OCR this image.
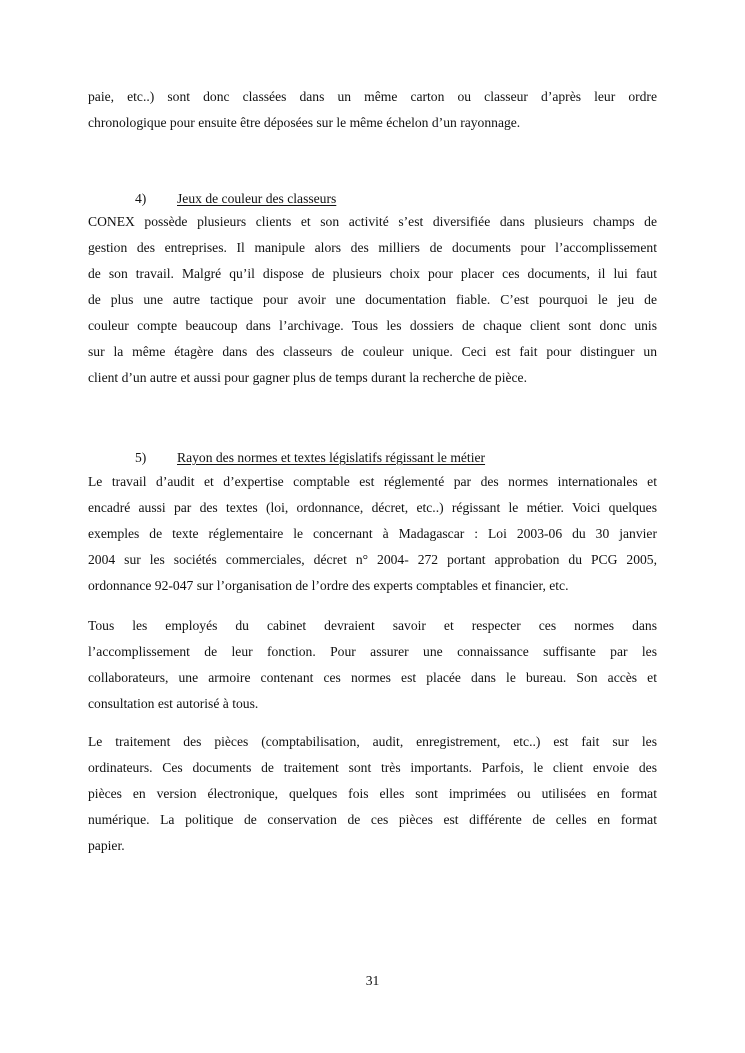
paie, etc..) sont donc classées dans un même carton ou classeur d’après leur ordre
chronologique pour ensuite être déposées sur le même échelon d’un rayonnage.
4) Jeux de couleur des classeurs
CONEX possède plusieurs clients et son activité s’est diversifiée dans plusieurs champs de
gestion des entreprises. Il manipule alors des milliers de documents pour l’accomplissement
de son travail. Malgré qu’il dispose de plusieurs choix pour placer ces documents, il lui faut
de plus une autre tactique pour avoir une documentation fiable. C’est pourquoi le jeu de
couleur compte beaucoup dans l’archivage. Tous les dossiers de chaque client sont donc unis
sur la même étagère dans des classeurs de couleur unique. Ceci est fait pour distinguer un
client d’un autre et aussi pour gagner plus de temps durant la recherche de pièce.
5) Rayon des normes et textes législatifs régissant le métier
Le travail d’audit et d’expertise comptable est réglementé par des normes internationales et
encadré aussi par des textes (loi, ordonnance, décret, etc..) régissant le métier. Voici quelques
exemples de texte réglementaire le concernant à Madagascar : Loi 2003-06 du 30 janvier
2004 sur les sociétés commerciales, décret n° 2004- 272 portant approbation du PCG 2005,
ordonnance 92-047 sur l’organisation de l’ordre des experts comptables et financier, etc.
Tous les employés du cabinet devraient savoir et respecter ces normes dans
l’accomplissement de leur fonction. Pour assurer une connaissance suffisante par les
collaborateurs, une armoire contenant ces normes est placée dans le bureau. Son accès et
consultation est autorisé à tous.
Le traitement des pièces (comptabilisation, audit, enregistrement, etc..) est fait sur les
ordinateurs. Ces documents de traitement sont très importants. Parfois, le client envoie des
pièces en version électronique, quelques fois elles sont imprimées ou utilisées en format
numérique. La politique de conservation de ces pièces est différente de celles en format
papier.
31
